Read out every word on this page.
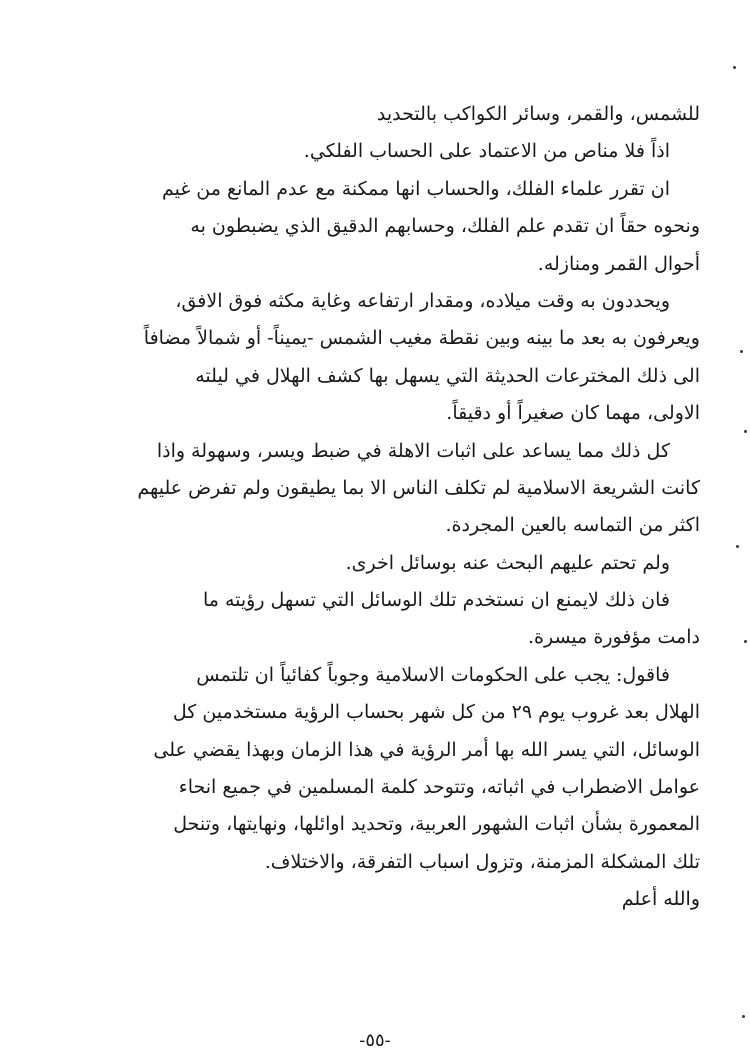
للشمس، والقمر، وسائر الكواكب بالتحديد
اذاً فلا مناص من الاعتماد على الحساب الفلكي.
ان تقرر علماء الفلك، والحساب انها ممكنة مع عدم المانع من غيم
ونحوه حقاً ان تقدم علم الفلك، وحسابهم الدقيق الذي يضبطون به
أحوال القمر ومنازله.
ويحددون به وقت ميلاده، ومقدار ارتفاعه وغاية مكثه فوق الافق،
ويعرفون به بعد ما بينه وبين نقطة مغيب الشمس -يميناً- أو شمالاً مضافاً
الى ذلك المخترعات الحديثة التي يسهل بها كشف الهلال في ليلته
الاولى، مهما كان صغيراً أو دقيقاً.
كل ذلك مما يساعد على اثبات الاهلة في ضبط ويسر، وسهولة واذا
كانت الشريعة الاسلامية لم تكلف الناس الا بما يطيقون ولم تفرض عليهم
اكثر من التماسه بالعين المجردة.
ولم تحتم عليهم البحث عنه بوسائل اخرى.
فان ذلك لايمنع ان نستخدم تلك الوسائل التي تسهل رؤيته ما
دامت مؤفورة ميسرة.
فاقول: يجب على الحكومات الاسلامية وجوباً كفائياً ان تلتمس
الهلال بعد غروب يوم ٢٩ من كل شهر بحساب الرؤية مستخدمين كل
الوسائل، التي يسر الله بها أمر الرؤية في هذا الزمان وبهذا يقضي على
عوامل الاضطراب في اثباته، وتتوحد كلمة المسلمين في جميع انحاء
المعمورة بشأن اثبات الشهور العربية، وتحديد اوائلها، ونهايتها، وتنحل
تلك المشكلة المزمنة، وتزول اسباب التفرقة، والاختلاف.
والله أعلم
-٥٥-
